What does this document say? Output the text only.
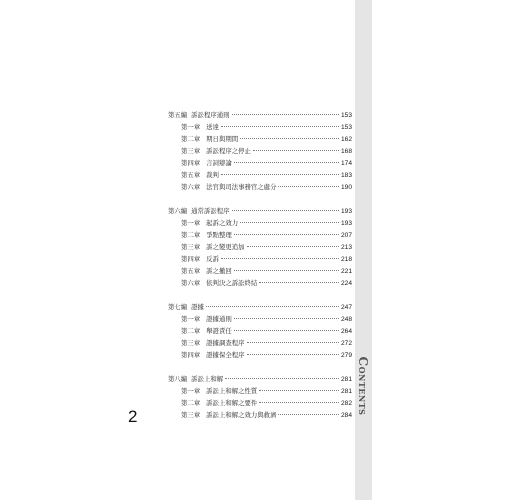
Contents
第五編 訴訟程序通則	153
第一章 送達	153
第二章 期日與期間	162
第三章 訴訟程序之停止	168
第四章 言詞辯論	174
第五章 裁判	183
第六章 法官與司法事務官之處分	190
第六編 通常訴訟程序	193
第一章 起訴之效力	193
第二章 爭點整理	207
第三章 訴之變更追加	213
第四章 反訴	218
第五章 訴之撤回	221
第六章 依判決之訴訟終結	224
第七編 證據	247
第一章 證據通則	248
第二章 舉證責任	264
第三章 證據調查程序	272
第四章 證據保全程序	279
第八編 訴訟上和解	281
第一章 訴訟上和解之性質	281
第二章 訴訟上和解之要件	282
第三章 訴訟上和解之效力與救濟	284
2
